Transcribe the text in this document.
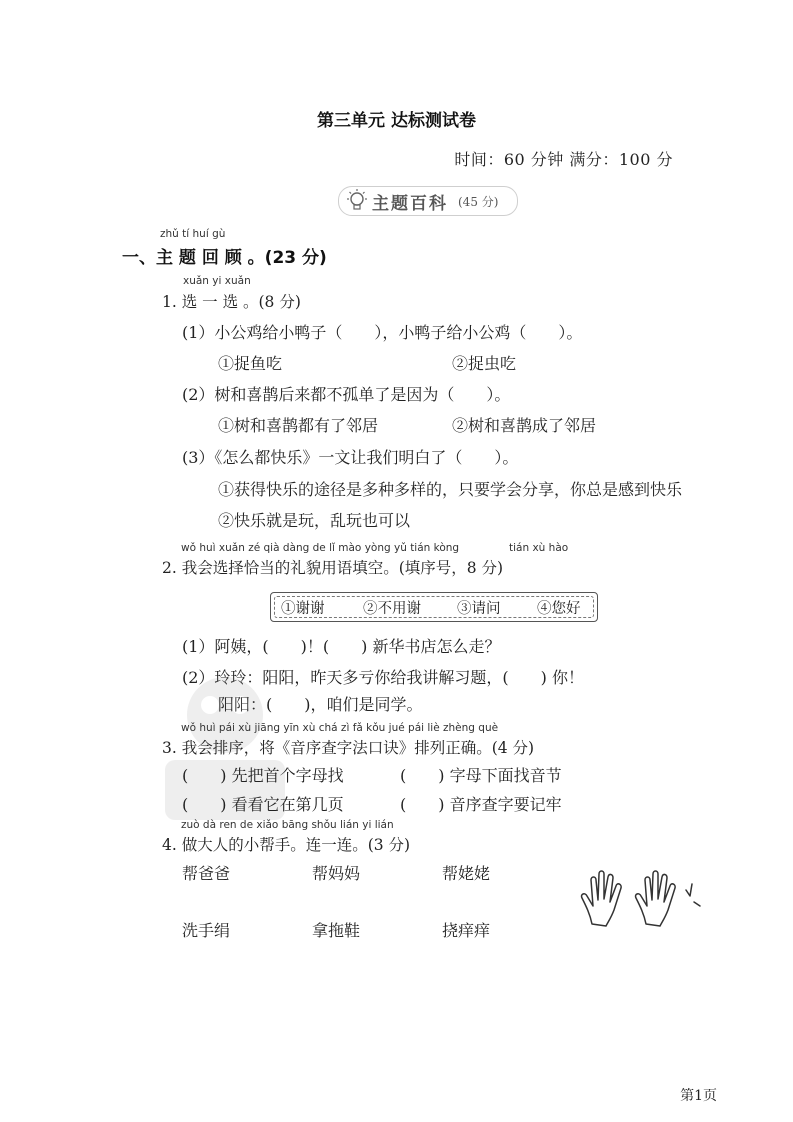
第三单元 达标测试卷
时间：60 分钟 满分：100 分
主题百科 (45 分)
zhǔ tí huí gù
一、主 题 回 顾 。(23 分)
xuǎn yi xuǎn
1. 选 一 选 。(8 分)
(1）小公鸡给小鸭子（　　），小鸭子给小公鸡（　　）。
①捉鱼吃	②捉虫吃
(2）树和喜鹊后来都不孤单了是因为（　　）。
①树和喜鹊都有了邻居	②树和喜鹊成了邻居
(3）《怎么都快乐》一文让我们明白了（　　）。
①获得快乐的途径是多种多样的，只要学会分享，你总是感到快乐
②快乐就是玩，乱玩也可以
wǒ huì xuǎn zé qià dàng de lǐ mào yòng yǔ tián kòng	tián xù hào
2. 我会选择恰当的礼貌用语填空。(填序号，8 分)
①谢谢	②不用谢 ③请问	④您好
(1）阿姨，(　　)！(　　) 新华书店怎么走？
(2）玲玲：阳阳，昨天多亏你给我讲解习题，(　　) 你！
阳阳：(　　)，咱们是同学。
wǒ huì pái xù jiāng yīn xù chá zì fǎ kǒu jué pái liè zhèng què
3. 我会排序，将《音序查字法口诀》排列正确。(4 分)
(　　) 先把首个字母找	(　　) 字母下面找音节
(　　) 看看它在第几页	(　　) 音序查字要记牢
zuò dà ren de xiǎo bāng shǒu lián yi lián
4. 做大人的小帮手。连一连。(3 分)
帮爸爸	帮妈妈	帮姥姥
洗手绢	拿拖鞋	挠痒痒
第1页
